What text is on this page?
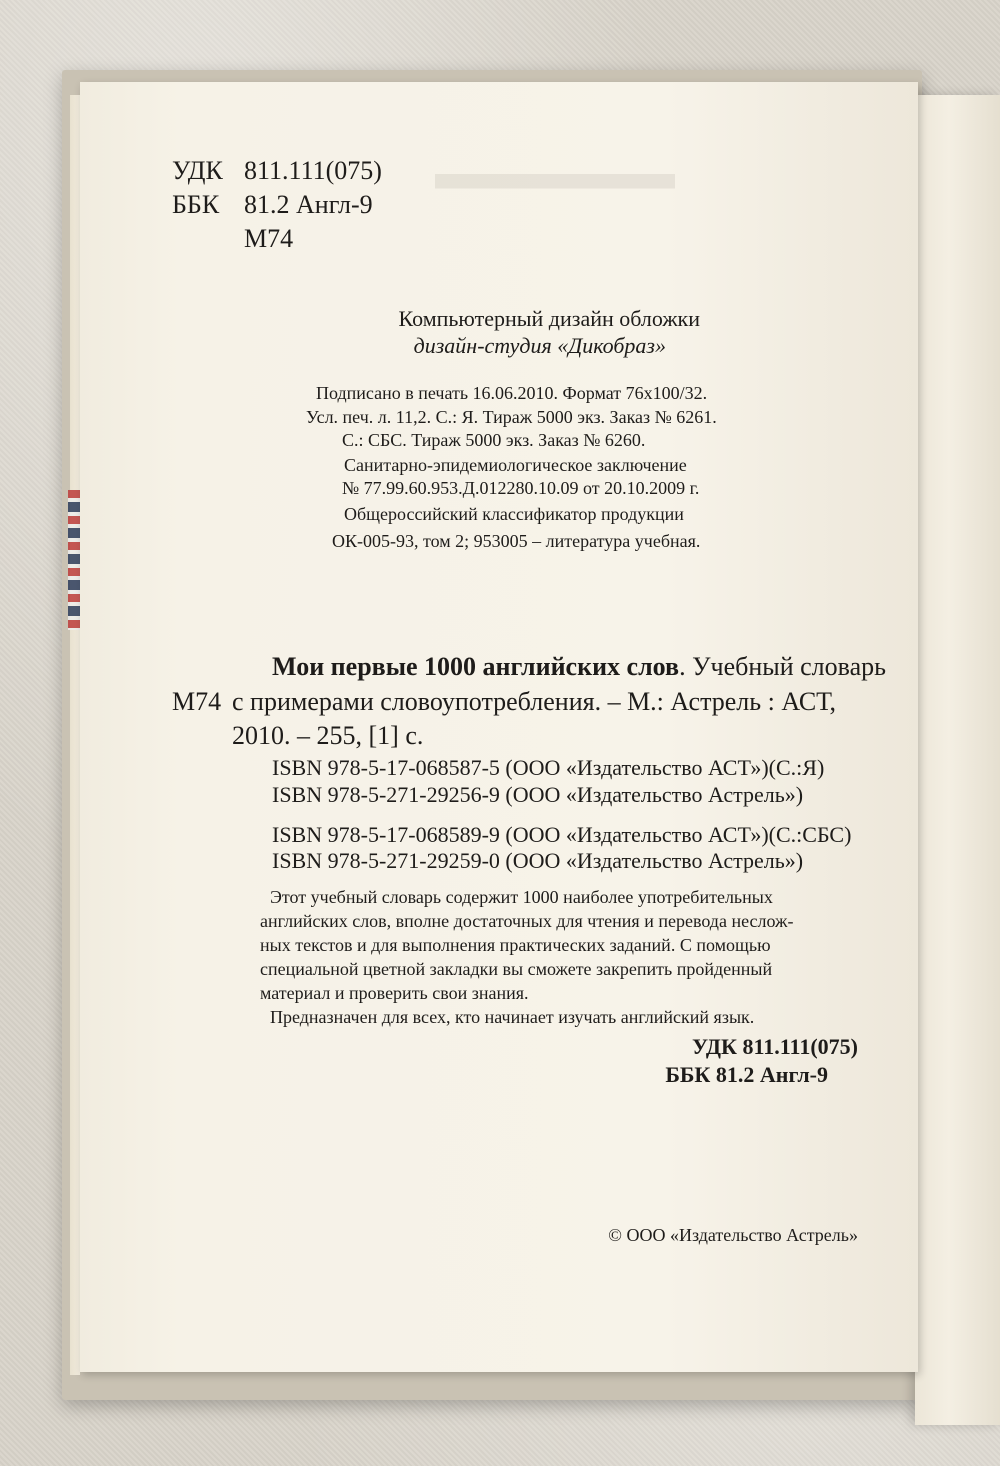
▬▬▬▬▬
УДК 811.111(075)
ББК 81.2 Англ-9
М74
Компьютерный дизайн обложки
дизайн-студия «Дикобраз»
Подписано в печать 16.06.2010. Формат 76х100/32.
Усл. печ. л. 11,2. С.: Я. Тираж 5000 экз. Заказ № 6261.
С.: СБС. Тираж 5000 экз. Заказ № 6260.
Санитарно-эпидемиологическое заключение
№ 77.99.60.953.Д.012280.10.09 от 20.10.2009 г.
Общероссийский классификатор продукции
ОК-005-93, том 2; 953005 – литература учебная.
Мои первые 1000 английских слов. Учебный словарь
М74 с примерами словоупотребления. – М.: Астрель : АСТ,
2010. – 255, [1] с.
ISBN 978-5-17-068587-5 (ООО «Издательство АСТ»)(С.:Я)
ISBN 978-5-271-29256-9 (ООО «Издательство Астрель»)
ISBN 978-5-17-068589-9 (ООО «Издательство АСТ»)(С.:СБС)
ISBN 978-5-271-29259-0 (ООО «Издательство Астрель»)
Этот учебный словарь содержит 1000 наиболее употребительных
английских слов, вполне достаточных для чтения и перевода неслож-
ных текстов и для выполнения практических заданий. С помощью
специальной цветной закладки вы сможете закрепить пройденный
материал и проверить свои знания.
Предназначен для всех, кто начинает изучать английский язык.
УДК 811.111(075)
ББК 81.2 Англ-9
© ООО «Издательство Астрель»
